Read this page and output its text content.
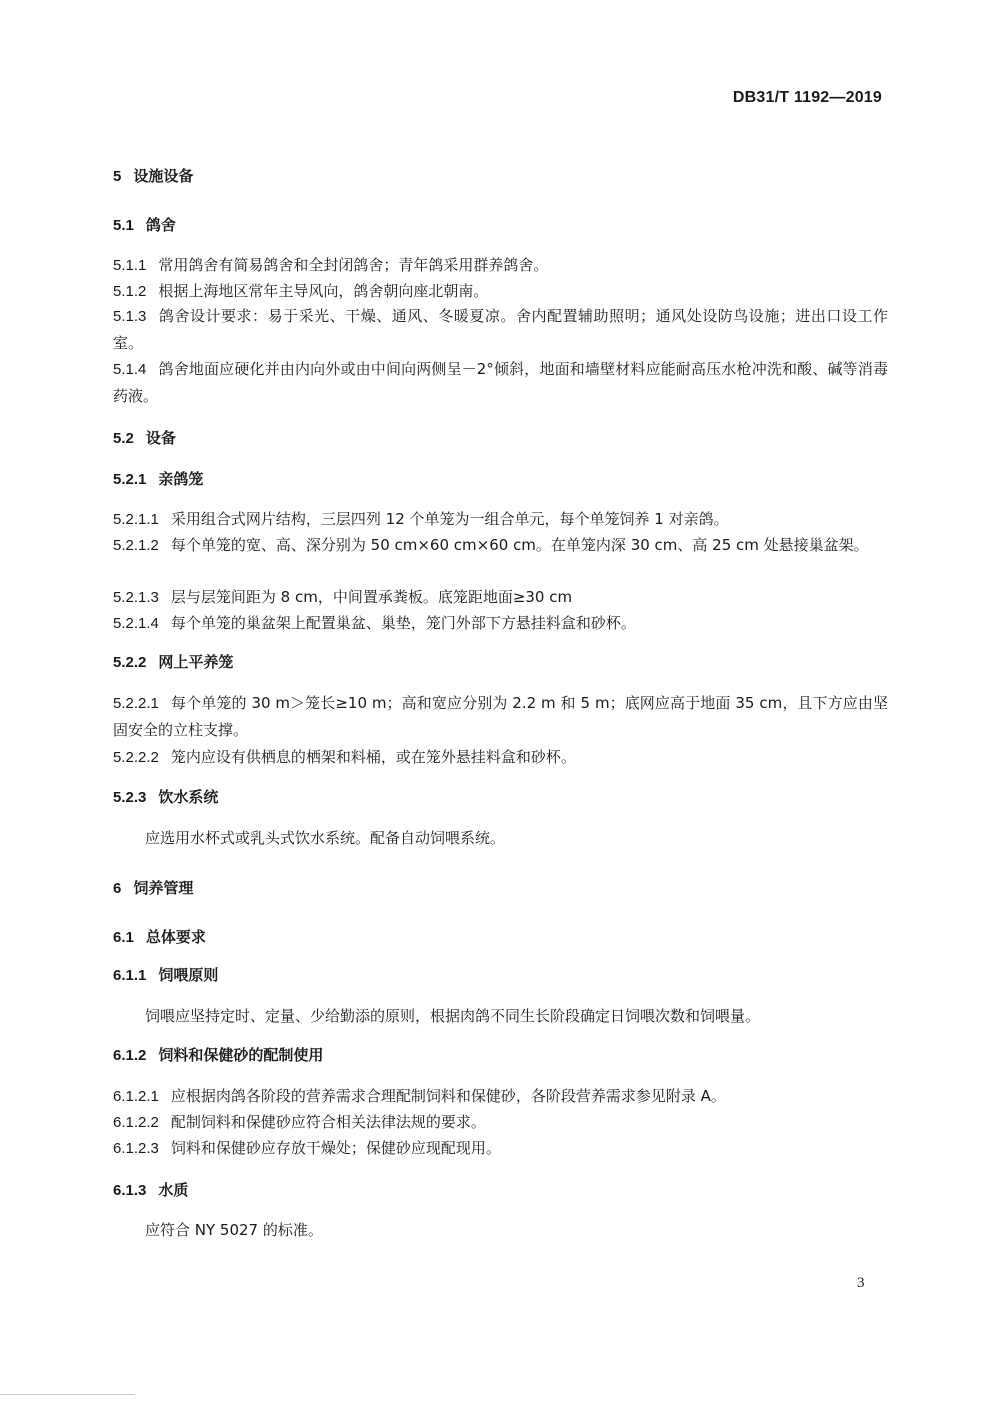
DB31/T 1192—2019
5 设施设备
5.1 鸽舍
5.1.1 常用鸽舍有简易鸽舍和全封闭鸽舍；青年鸽采用群养鸽舍。
5.1.2 根据上海地区常年主导风向，鸽舍朝向座北朝南。
5.1.3 鸽舍设计要求：易于采光、干燥、通风、冬暖夏凉。舍内配置辅助照明；通风处设防鸟设施；进出口设工作室。
5.1.4 鸽舍地面应硬化并由内向外或由中间向两侧呈－2°倾斜，地面和墙壁材料应能耐高压水枪冲洗和酸、碱等消毒药液。
5.2 设备
5.2.1 亲鸽笼
5.2.1.1 采用组合式网片结构，三层四列 12 个单笼为一组合单元，每个单笼饲养 1 对亲鸽。
5.2.1.2 每个单笼的宽、高、深分别为 50 cm×60 cm×60 cm。在单笼内深 30 cm、高 25 cm 处悬接巢盆架。
5.2.1.3 层与层笼间距为 8 cm，中间置承粪板。底笼距地面≥30 cm
5.2.1.4 每个单笼的巢盆架上配置巢盆、巢垫，笼门外部下方悬挂料盒和砂杯。
5.2.2 网上平养笼
5.2.2.1 每个单笼的 30 m＞笼长≥10 m；高和宽应分别为 2.2 m 和 5 m；底网应高于地面 35 cm，且下方应由坚固安全的立柱支撑。
5.2.2.2 笼内应设有供栖息的栖架和料桶，或在笼外悬挂料盒和砂杯。
5.2.3 饮水系统
应选用水杯式或乳头式饮水系统。配备自动饲喂系统。
6 饲养管理
6.1 总体要求
6.1.1 饲喂原则
饲喂应坚持定时、定量、少给勤添的原则，根据肉鸽不同生长阶段确定日饲喂次数和饲喂量。
6.1.2 饲料和保健砂的配制使用
6.1.2.1 应根据肉鸽各阶段的营养需求合理配制饲料和保健砂，各阶段营养需求参见附录 A。
6.1.2.2 配制饲料和保健砂应符合相关法律法规的要求。
6.1.2.3 饲料和保健砂应存放干燥处；保健砂应现配现用。
6.1.3 水质
应符合 NY 5027 的标准。
3
